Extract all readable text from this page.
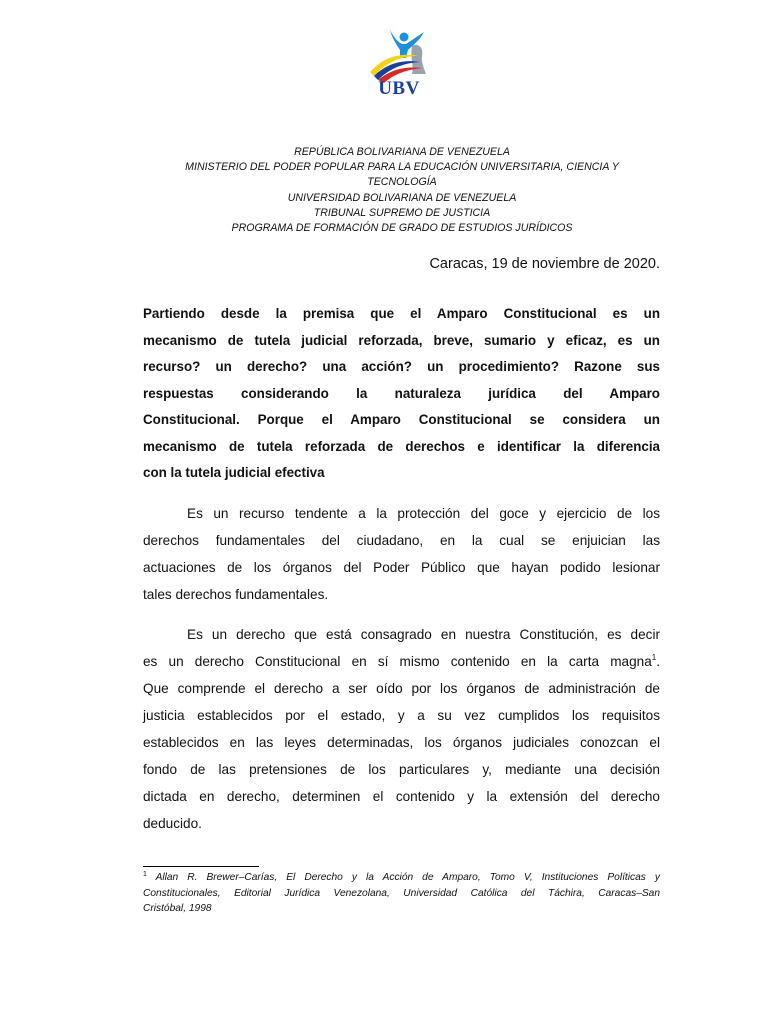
UBV
REPÚBLICA BOLIVARIANA DE VENEZUELA
MINISTERIO DEL PODER POPULAR PARA LA EDUCACIÓN UNIVERSITARIA, CIENCIA Y
TECNOLOGÍA
UNIVERSIDAD BOLIVARIANA DE VENEZUELA
TRIBUNAL SUPREMO DE JUSTICIA
PROGRAMA DE FORMACIÓN DE GRADO DE ESTUDIOS JURÍDICOS
Caracas, 19 de noviembre de 2020.
Partiendo desde la premisa que el Amparo Constitucional es un
mecanismo de tutela judicial reforzada, breve, sumario y eficaz, es un
recurso? un derecho? una acción? un procedimiento? Razone sus
respuestas considerando la naturaleza jurídica del Amparo
Constitucional. Porque el Amparo Constitucional se considera un
mecanismo de tutela reforzada de derechos e identificar la diferencia
con la tutela judicial efectiva
Es un recurso tendente a la protección del goce y ejercicio de los
derechos fundamentales del ciudadano, en la cual se enjuician las
actuaciones de los órganos del Poder Público que hayan podido lesionar
tales derechos fundamentales.
Es un derecho que está consagrado en nuestra Constitución, es decir
es un derecho Constitucional en sí mismo contenido en la carta magna$^1$.
Que comprende el derecho a ser oído por los órganos de administración de
justicia establecidos por el estado, y a su vez cumplidos los requisitos
establecidos en las leyes determinadas, los órganos judiciales conozcan el
fondo de las pretensiones de los particulares y, mediante una decisión
dictada en derecho, determinen el contenido y la extensión del derecho
deducido.
$^1$ Allan R. Brewer–Carías, El Derecho y la Acción de Amparo, Tomo V, Instituciones Políticas y
Constitucionales, Editorial Jurídica Venezolana, Universidad Católica del Táchira, Caracas–San
Cristóbal, 1998
